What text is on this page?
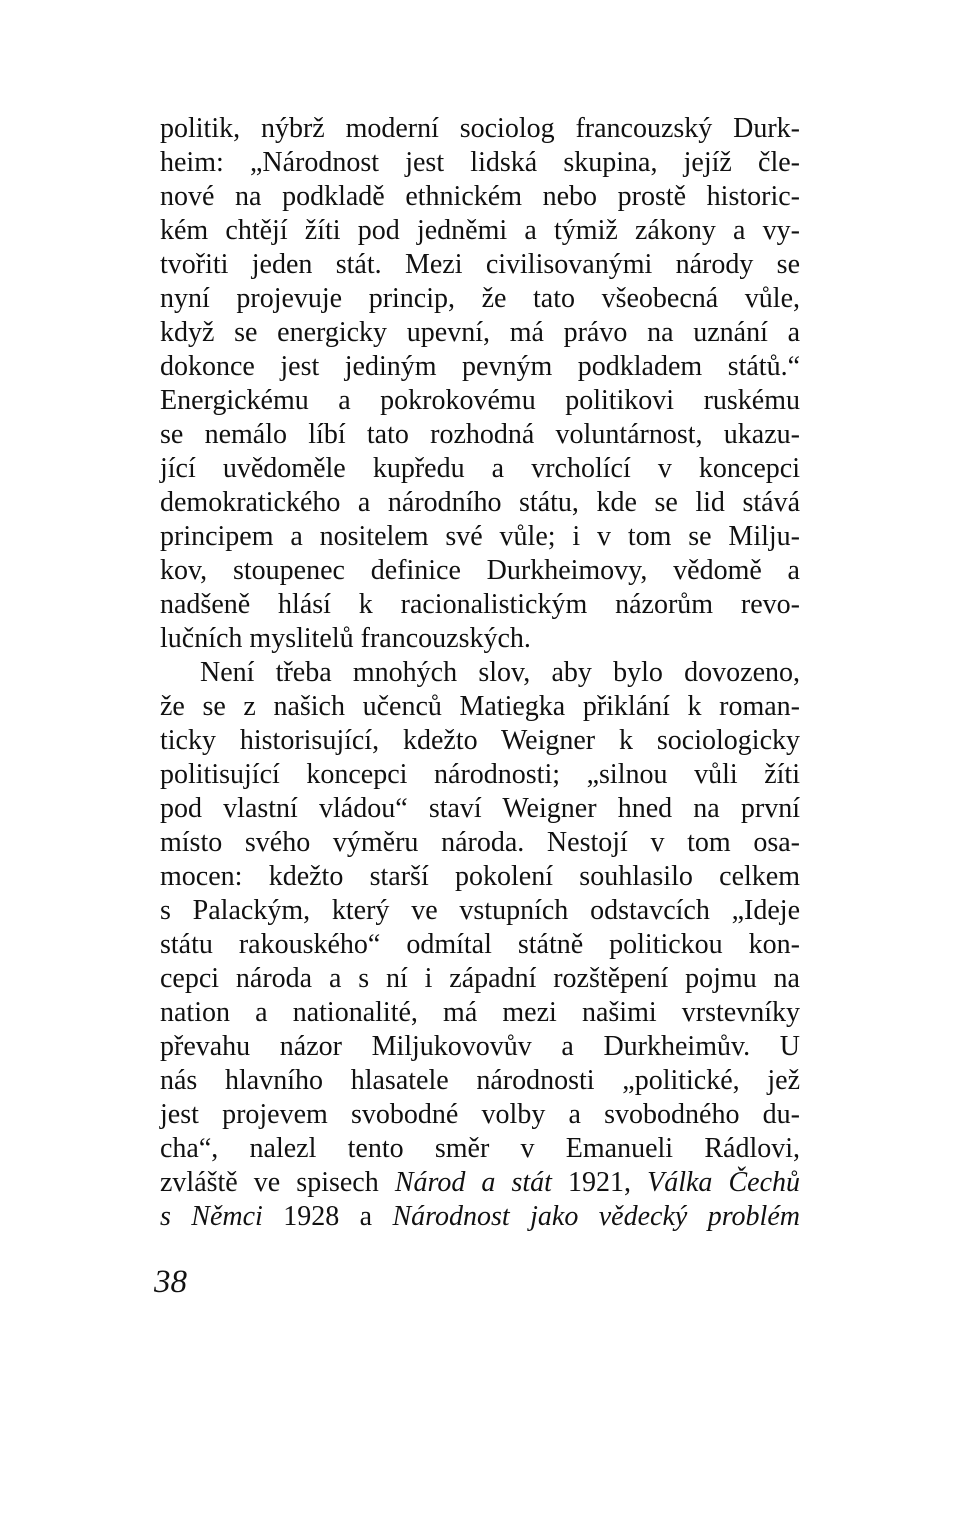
politik, nýbrž moderní sociolog francouzský Durk-
heim: „Národnost jest lidská skupina, jejíž čle-
nové na podkladě ethnickém nebo prostě historic-
kém chtějí žíti pod jedněmi a týmiž zákony a vy-
tvořiti jeden stát. Mezi civilisovanými národy se
nyní projevuje princip, že tato všeobecná vůle,
když se energicky upevní, má právo na uznání a
dokonce jest jediným pevným podkladem států.“
Energickému a pokrokovému politikovi ruskému
se nemálo líbí tato rozhodná voluntárnost, ukazu-
jící uvědoměle kupředu a vrcholící v koncepci
demokratického a národního státu, kde se lid stává
principem a nositelem své vůle; i v tom se Milju-
kov, stoupenec definice Durkheimovy, vědomě a
nadšeně hlásí k racionalistickým názorům revo-
lučních myslitelů francouzských.
Není třeba mnohých slov, aby bylo dovozeno,
že se z našich učenců Matiegka přiklání k roman-
ticky historisující, kdežto Weigner k sociologicky
politisující koncepci národnosti; „silnou vůli žíti
pod vlastní vládou“ staví Weigner hned na první
místo svého výměru národa. Nestojí v tom osa-
mocen: kdežto starší pokolení souhlasilo celkem
s Palackým, který ve vstupních odstavcích „Ideje
státu rakouského“ odmítal státně politickou kon-
cepci národa a s ní i západní rozštěpení pojmu na
nation a nationalité, má mezi našimi vrstevníky
převahu názor Miljukovovův a Durkheimův. U
nás hlavního hlasatele národnosti „politické, jež
jest projevem svobodné volby a svobodného du-
cha“, nalezl tento směr v Emanueli Rádlovi,
zvláště ve spisech Národ a stát 1921, Válka Čechů
s Němci 1928 a Národnost jako vědecký problém
38
